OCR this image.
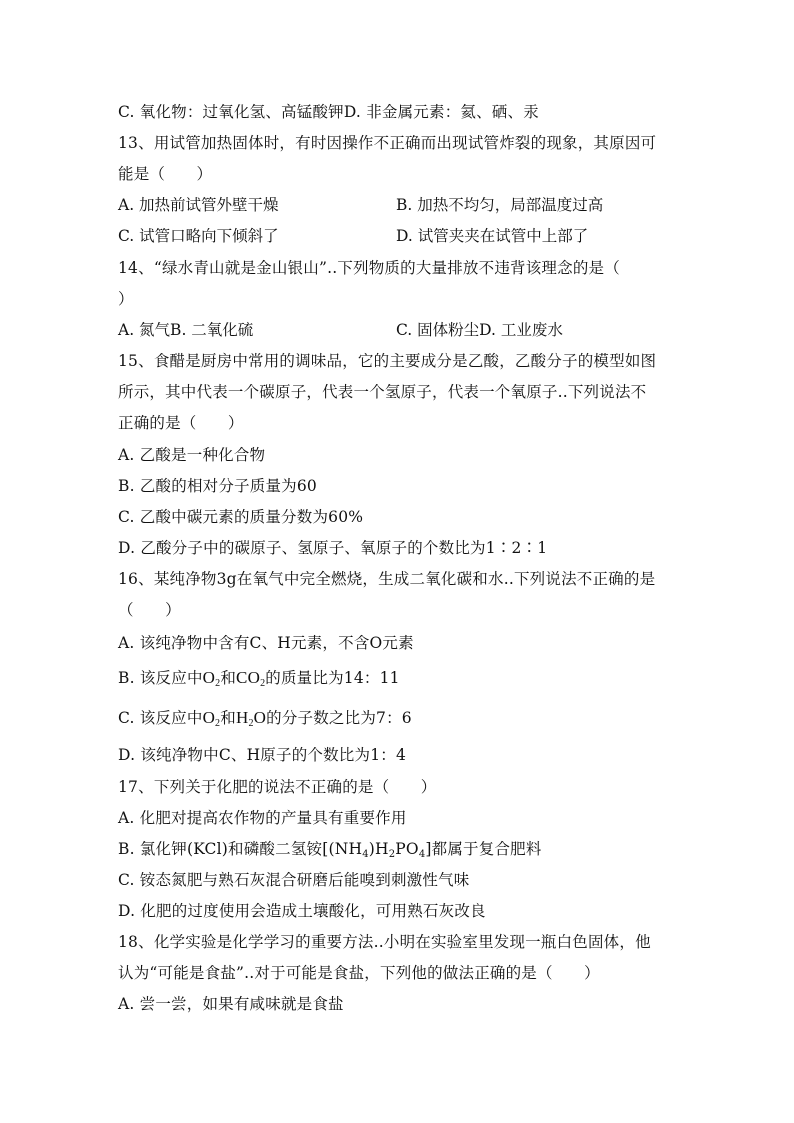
C. 氧化物：过氧化氢、高锰酸钾D. 非金属元素：氦、硒、汞
13、用试管加热固体时，有时因操作不正确而出现试管炸裂的现象，其原因可
能是（　　）
A. 加热前试管外壁干燥	B. 加热不均匀，局部温度过高
C. 试管口略向下倾斜了	D. 试管夹夹在试管中上部了
14、“绿水青山就是金山银山”..下列物质的大量排放不违背该理念的是（
）
A. 氮气B. 二氧化硫	C. 固体粉尘D. 工业废水
15、食醋是厨房中常用的调味品，它的主要成分是乙酸，乙酸分子的模型如图
所示，其中代表一个碳原子，代表一个氢原子，代表一个氧原子..下列说法不
正确的是（　　）
A. 乙酸是一种化合物
B. 乙酸的相对分子质量为60
C. 乙酸中碳元素的质量分数为60%
D. 乙酸分子中的碳原子、氢原子、氧原子的个数比为1∶2∶1
16、某纯净物3g在氧气中完全燃烧，生成二氧化碳和水..下列说法不正确的是
（　　）
A. 该纯净物中含有C、H元素，不含O元素
B. 该反应中$O_2$和$CO_2$的质量比为14：11
C. 该反应中$O_2$和$H_2O$的分子数之比为7：6
D. 该纯净物中C、H原子的个数比为1：4
17、下列关于化肥的说法不正确的是（　　）
A. 化肥对提高农作物的产量具有重要作用
B. 氯化钾(KCl)和磷酸二氢铵$[(NH_4)H_2PO_4]$都属于复合肥料
C. 铵态氮肥与熟石灰混合研磨后能嗅到刺激性气味
D. 化肥的过度使用会造成土壤酸化，可用熟石灰改良
18、化学实验是化学学习的重要方法..小明在实验室里发现一瓶白色固体，他
认为“可能是食盐”..对于可能是食盐，下列他的做法正确的是（　　）
A. 尝一尝，如果有咸味就是食盐
